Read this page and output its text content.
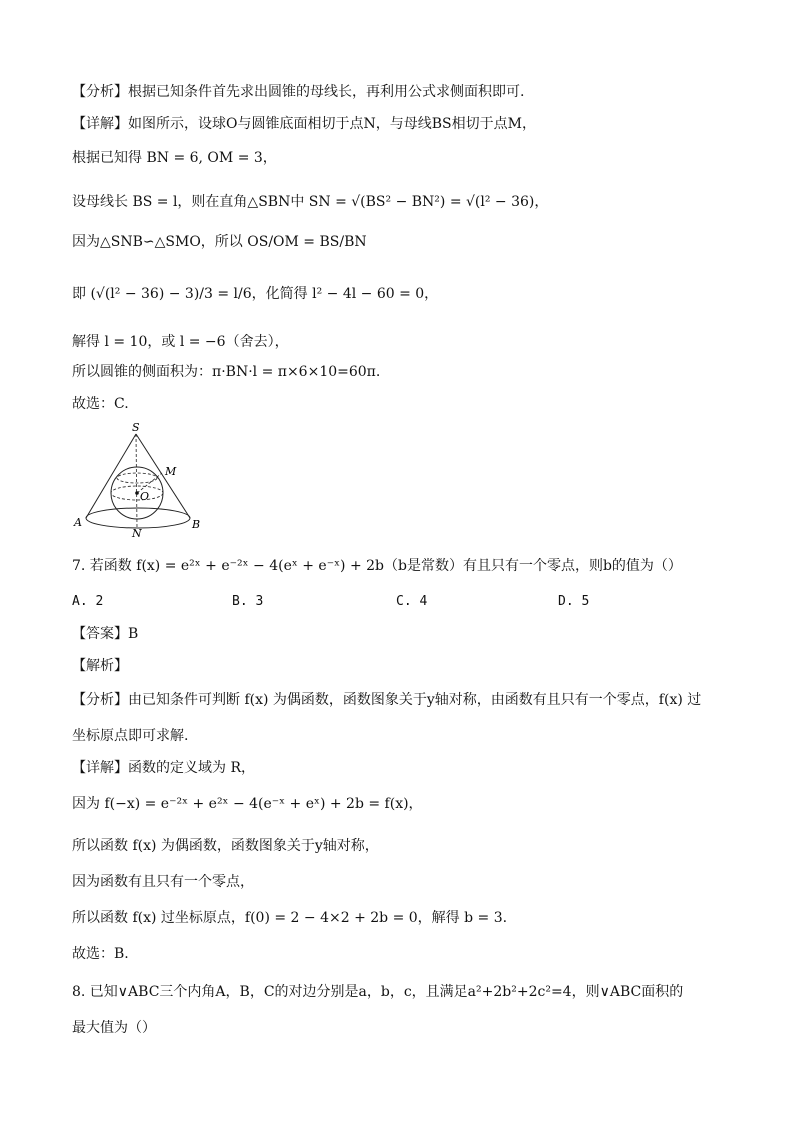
【分析】根据已知条件首先求出圆锥的母线长，再利用公式求侧面积即可.
【详解】如图所示，设球O与圆锥底面相切于点N，与母线BS相切于点M，
根据已知得 BN = 6, OM = 3，
设母线长 BS = l，则在直角△SBN中 SN = √(BS² − BN²) = √(l² − 36)，
因为△SNB∽△SMO，所以 OS/OM = BS/BN
即 (√(l² − 36) − 3)/3 = l/6，化简得 l² − 4l − 60 = 0，
解得 l = 10，或 l = −6（舍去），
所以圆锥的侧面积为：π·BN·l = π×6×10=60π.
故选：C.
S
M
O
A	B
N
7. 若函数 f(x) = e²ˣ + e⁻²ˣ − 4(eˣ + e⁻ˣ) + 2b（b是常数）有且只有一个零点，则b的值为（）
A. 2	B. 3	C. 4	D. 5
【答案】B
【解析】
【分析】由已知条件可判断 f(x) 为偶函数，函数图象关于y轴对称，由函数有且只有一个零点，f(x) 过
坐标原点即可求解.
【详解】函数的定义域为 R，
因为 f(−x) = e⁻²ˣ + e²ˣ − 4(e⁻ˣ + eˣ) + 2b = f(x)，
所以函数 f(x) 为偶函数，函数图象关于y轴对称，
因为函数有且只有一个零点，
所以函数 f(x) 过坐标原点，f(0) = 2 − 4×2 + 2b = 0，解得 b = 3.
故选：B.
8. 已知∨ABC三个内角A，B，C的对边分别是a，b，c，且满足a²+2b²+2c²=4，则∨ABC面积的
最大值为（）
